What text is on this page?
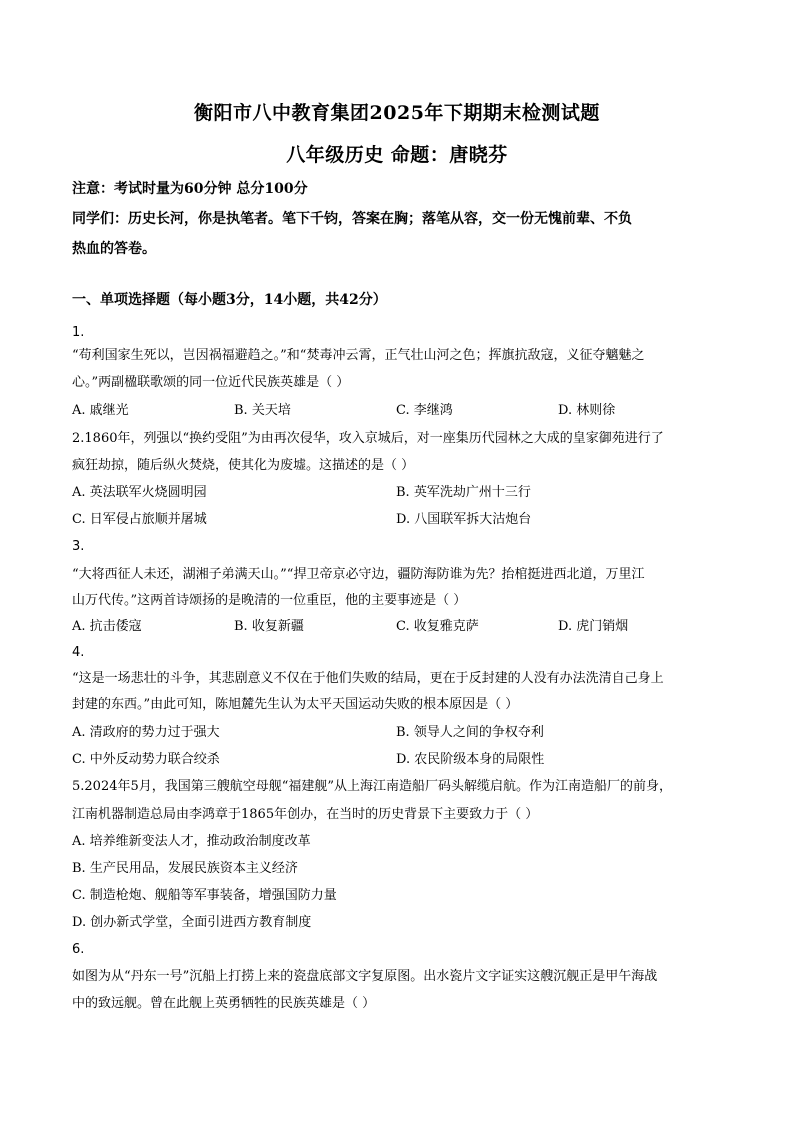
衡阳市八中教育集团2025年下期期末检测试题
八年级历史 命题：唐晓芬
注意：考试时量为60分钟 总分100分
同学们：历史长河，你是执笔者。笔下千钧，答案在胸；落笔从容，交一份无愧前辈、不负
热血的答卷。
一、单项选择题（每小题3分，14小题，共42分）
1.
“苟利国家生死以，岂因祸福避趋之。”和“焚毒冲云霄，正气壮山河之色；挥旗抗敌寇，义征夺魑魅之
心。”两副楹联歌颂的同一位近代民族英雄是（ ）
A. 戚继光	B. 关天培	C. 李继鸿	D. 林则徐
2.1860年，列强以“换约受阻”为由再次侵华，攻入京城后，对一座集历代园林之大成的皇家御苑进行了
疯狂劫掠，随后纵火焚烧，使其化为废墟。这描述的是（ ）
A. 英法联军火烧圆明园	B. 英军洗劫广州十三行
C. 日军侵占旅顺并屠城	D. 八国联军拆大沽炮台
3.
“大将西征人未还，湖湘子弟满天山。”“捍卫帝京必守边，疆防海防谁为先？抬棺挺进西北道，万里江
山万代传。”这两首诗颂扬的是晚清的一位重臣，他的主要事迹是（ ）
A. 抗击倭寇	B. 收复新疆	C. 收复雅克萨	D. 虎门销烟
4.
“这是一场悲壮的斗争，其悲剧意义不仅在于他们失败的结局，更在于反封建的人没有办法洗清自己身上
封建的东西。”由此可知，陈旭麓先生认为太平天国运动失败的根本原因是（ ）
A. 清政府的势力过于强大	B. 领导人之间的争权夺利
C. 中外反动势力联合绞杀	D. 农民阶级本身的局限性
5.2024年5月，我国第三艘航空母舰“福建舰”从上海江南造船厂码头解缆启航。作为江南造船厂的前身，
江南机器制造总局由李鸿章于1865年创办，在当时的历史背景下主要致力于（ ）
A. 培养维新变法人才，推动政治制度改革
B. 生产民用品，发展民族资本主义经济
C. 制造枪炮、舰船等军事装备，增强国防力量
D. 创办新式学堂，全面引进西方教育制度
6.
如图为从“丹东一号”沉船上打捞上来的瓷盘底部文字复原图。出水瓷片文字证实这艘沉舰正是甲午海战
中的致远舰。曾在此舰上英勇牺牲的民族英雄是（ ）
